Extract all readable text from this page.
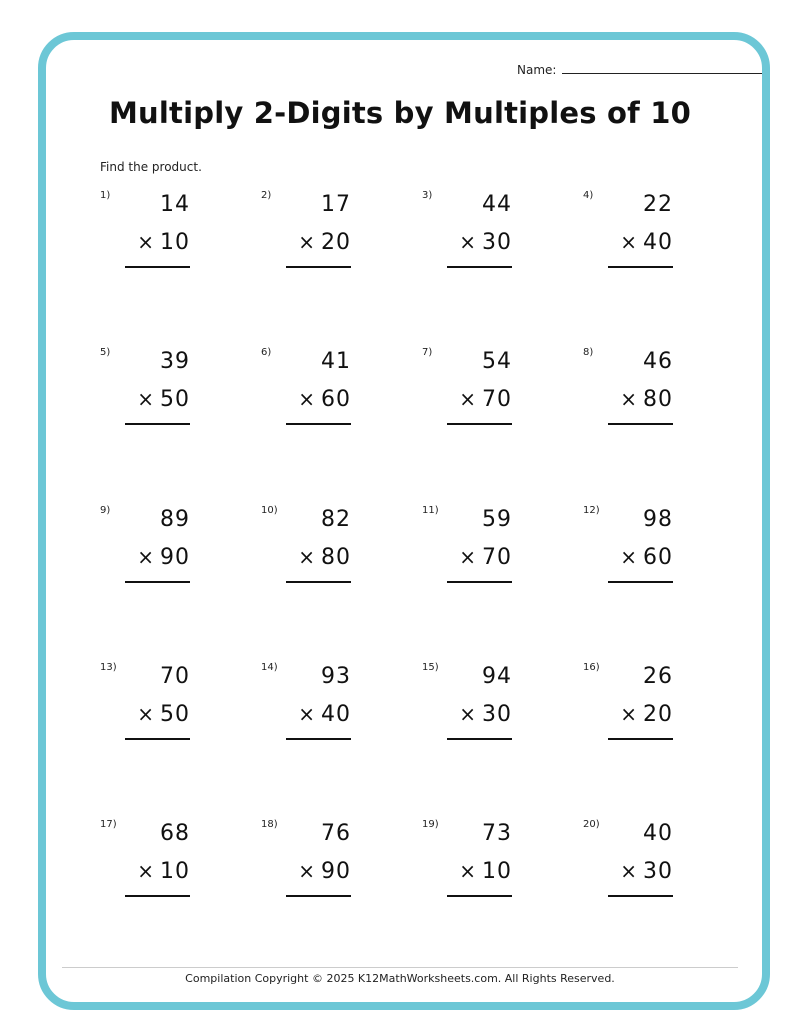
Name:
Multiply 2-Digits by Multiples of 10
Find the product.
1) 14
× 10
2) 17
× 20
3) 44
× 30
4) 22
× 40
5) 39
× 50
6) 41
× 60
7) 54
× 70
8) 46
× 80
9) 89
× 90
10) 82
× 80
11) 59
× 70
12) 98
× 60
13) 70
× 50
14) 93
× 40
15) 94
× 30
16) 26
× 20
17) 68
× 10
18) 76
× 90
19) 73
× 10
20) 40
× 30
Compilation Copyright © 2025 K12MathWorksheets.com. All Rights Reserved.
